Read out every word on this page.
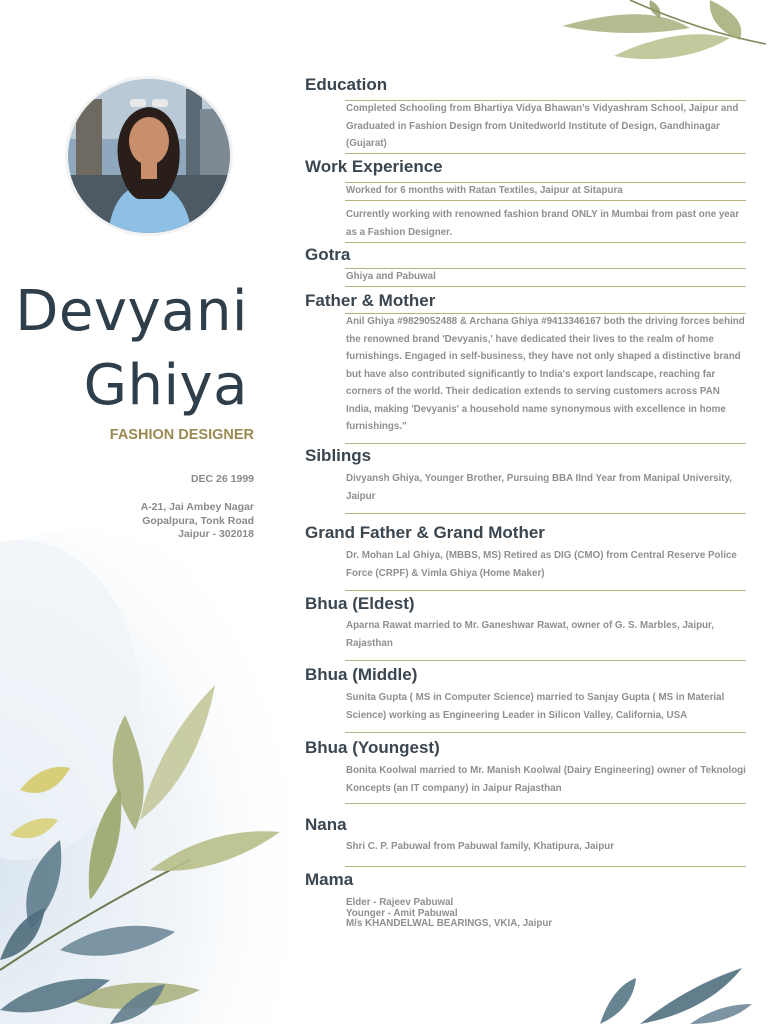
Devyani
Ghiya
FASHION DESIGNER
DEC 26 1999
A-21, Jai Ambey Nagar
Gopalpura, Tonk Road
Jaipur - 302018
Education
Completed Schooling from Bhartiya Vidya Bhawan's Vidyashram School, Jaipur and Graduated in Fashion Design from Unitedworld Institute of Design, Gandhinagar (Gujarat)
Work Experience
Worked for 6 months with Ratan Textiles, Jaipur at Sitapura
Currently working with renowned fashion brand ONLY in Mumbai from past one year as a Fashion Designer.
Gotra
Ghiya and Pabuwal
Father & Mother
Anil Ghiya #9829052488 & Archana Ghiya #9413346167 both the driving forces behind the renowned brand 'Devyanis,' have dedicated their lives to the realm of home furnishings. Engaged in self-business, they have not only shaped a distinctive brand but have also contributed significantly to India's export landscape, reaching far corners of the world. Their dedication extends to serving customers across PAN India, making 'Devyanis' a household name synonymous with excellence in home furnishings."
Siblings
Divyansh Ghiya, Younger Brother, Pursuing BBA IInd Year from Manipal University, Jaipur
Grand Father & Grand Mother
Dr. Mohan Lal Ghiya, (MBBS, MS) Retired as DIG (CMO) from Central Reserve Police Force (CRPF) & Vimla Ghiya (Home Maker)
Bhua (Eldest)
Aparna Rawat married to Mr. Ganeshwar Rawat, owner of G. S. Marbles, Jaipur, Rajasthan
Bhua (Middle)
Sunita Gupta ( MS in Computer Science) married to Sanjay Gupta ( MS in Material Science) working as Engineering Leader in Silicon Valley, California, USA
Bhua (Youngest)
Bonita Koolwal married to Mr. Manish Koolwal (Dairy Engineering) owner of Teknologi Koncepts (an IT company) in Jaipur Rajasthan
Nana
Shri C. P. Pabuwal from Pabuwal family, Khatipura, Jaipur
Mama
Elder - Rajeev Pabuwal
Younger - Amit Pabuwal
M/s KHANDELWAL BEARINGS, VKIA, Jaipur
